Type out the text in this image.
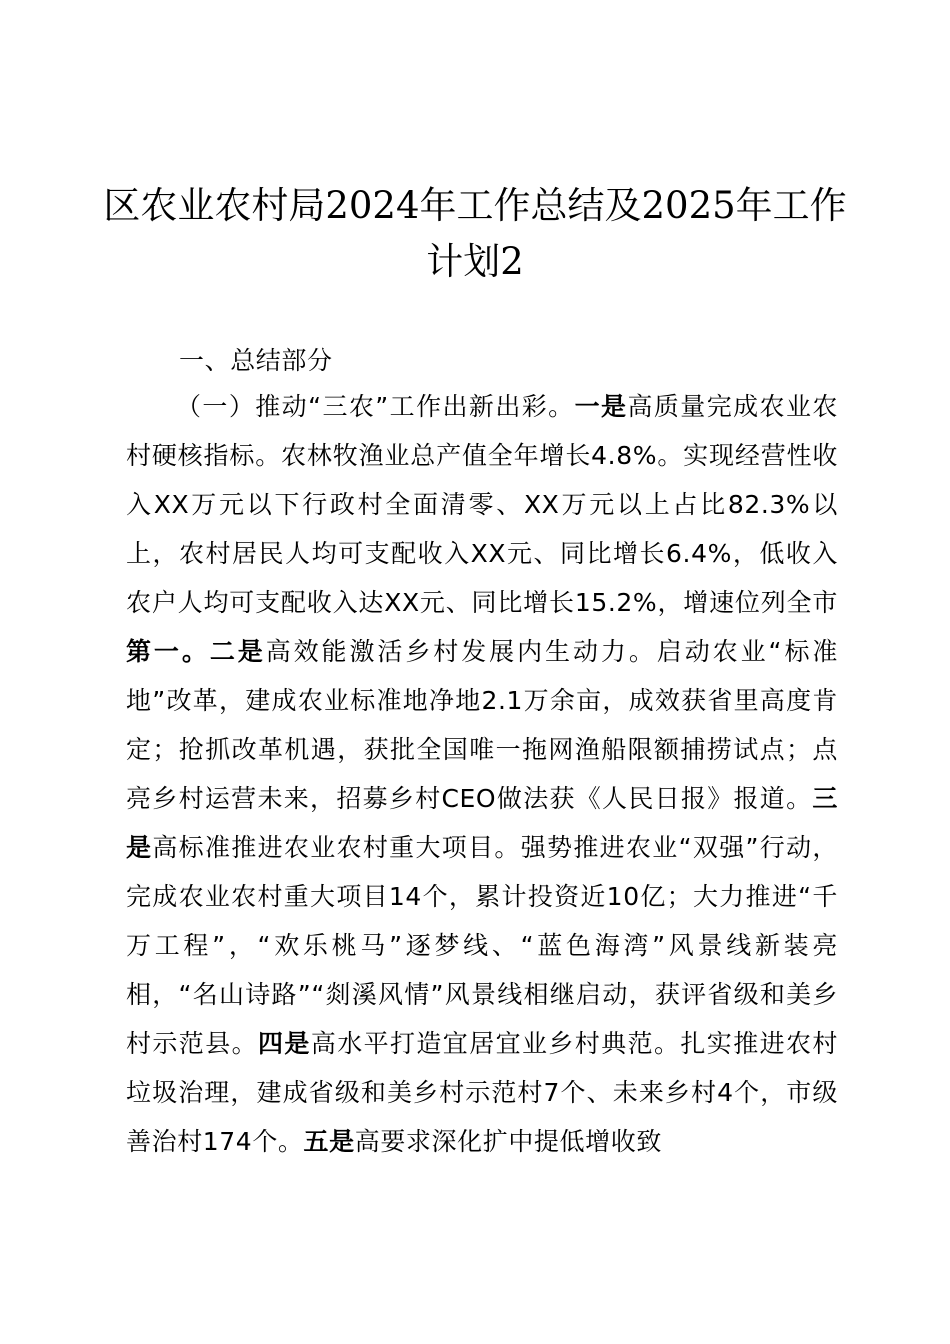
区农业农村局2024年工作总结及2025年工作计划2

一、总结部分

（一）推动“三农”工作出新出彩。一是高质量完成农业农村硬核指标。农林牧渔业总产值全年增长4.8%。实现经营性收入XX万元以下行政村全面清零、XX万元以上占比82.3%以上，农村居民人均可支配收入XX元、同比增长6.4%，低收入农户人均可支配收入达XX元、同比增长15.2%，增速位列全市第一。二是高效能激活乡村发展内生动力。启动农业“标准地”改革，建成农业标准地净地2.1万余亩，成效获省里高度肯定；抢抓改革机遇，获批全国唯一拖网渔船限额捕捞试点；点亮乡村运营未来，招募乡村CEO做法获《人民日报》报道。三是高标准推进农业农村重大项目。强势推进农业“双强”行动，完成农业农村重大项目14个，累计投资近10亿；大力推进“千万工程”，“欢乐桃马”逐梦线、“蓝色海湾”风景线新装亮相，“名山诗路”“剡溪风情”风景线相继启动，获评省级和美乡村示范县。四是高水平打造宜居宜业乡村典范。扎实推进农村垃圾治理，建成省级和美乡村示范村7个、未来乡村4个，市级善治村174个。五是高要求深化扩中提低增收致
